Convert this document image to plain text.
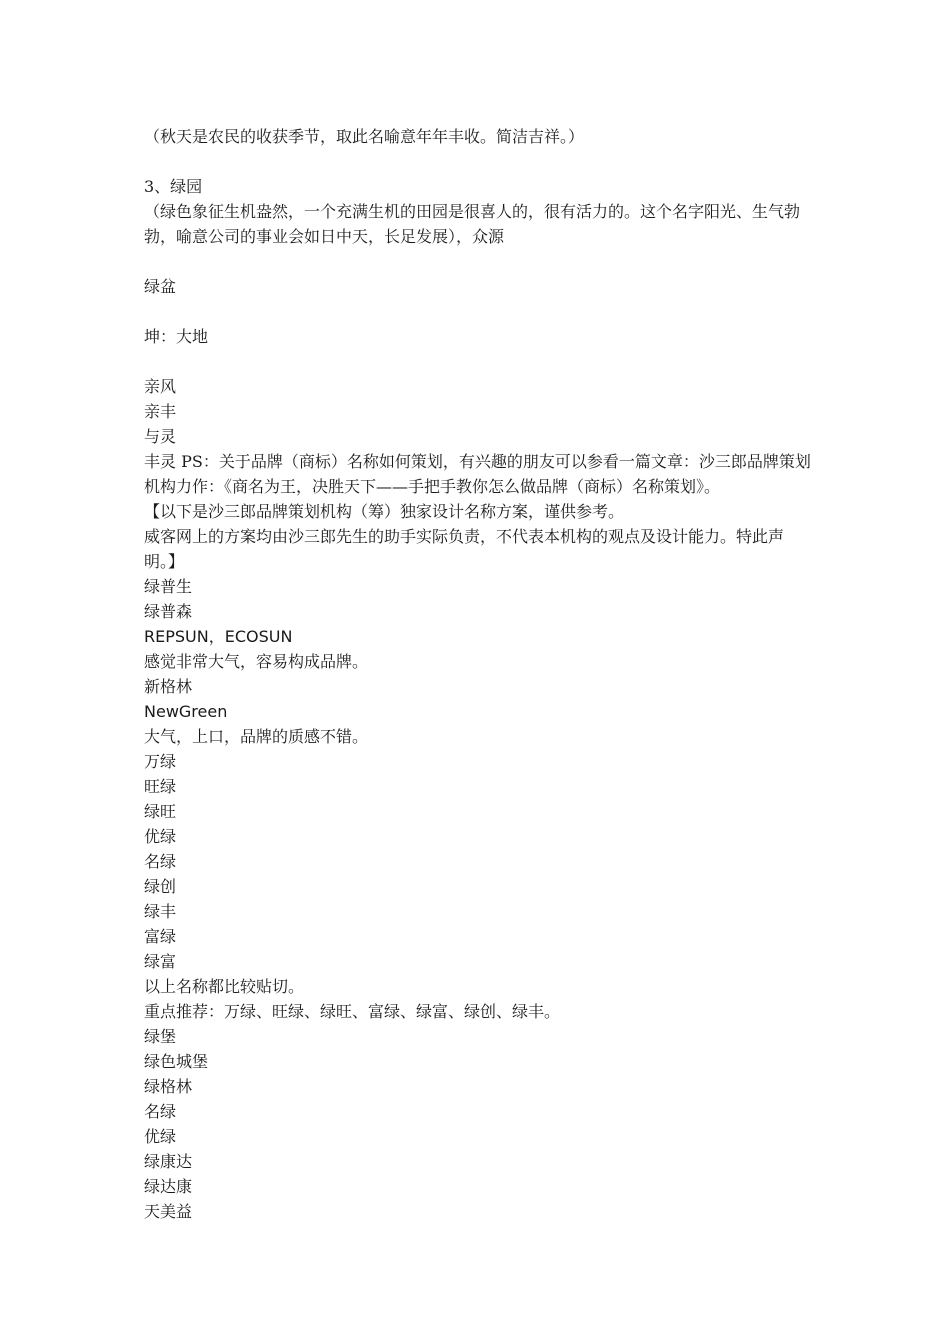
（秋天是农民的收获季节，取此名喻意年年丰收。简洁吉祥。）

3、绿园

（绿色象征生机盎然，一个充满生机的田园是很喜人的，很有活力的。这个名字阳光、生气勃勃，喻意公司的事业会如日中天，长足发展），众源

绿盆

坤：大地

亲风

亲丰

与灵

丰灵 PS：关于品牌（商标）名称如何策划，有兴趣的朋友可以参看一篇文章：沙三郎品牌策划机构力作：《商名为王，决胜天下——手把手教你怎么做品牌（商标）名称策划》。

【以下是沙三郎品牌策划机构（筹）独家设计名称方案，谨供参考。

威客网上的方案均由沙三郎先生的助手实际负责，不代表本机构的观点及设计能力。特此声明。】

绿普生

绿普森

REPSUN，ECOSUN

感觉非常大气，容易构成品牌。

新格林

NewGreen

大气，上口，品牌的质感不错。

万绿

旺绿

绿旺

优绿

名绿

绿创

绿丰

富绿

绿富

以上名称都比较贴切。

重点推荐：万绿、旺绿、绿旺、富绿、绿富、绿创、绿丰。

绿堡

绿色城堡

绿格林

名绿

优绿

绿康达

绿达康

天美益
